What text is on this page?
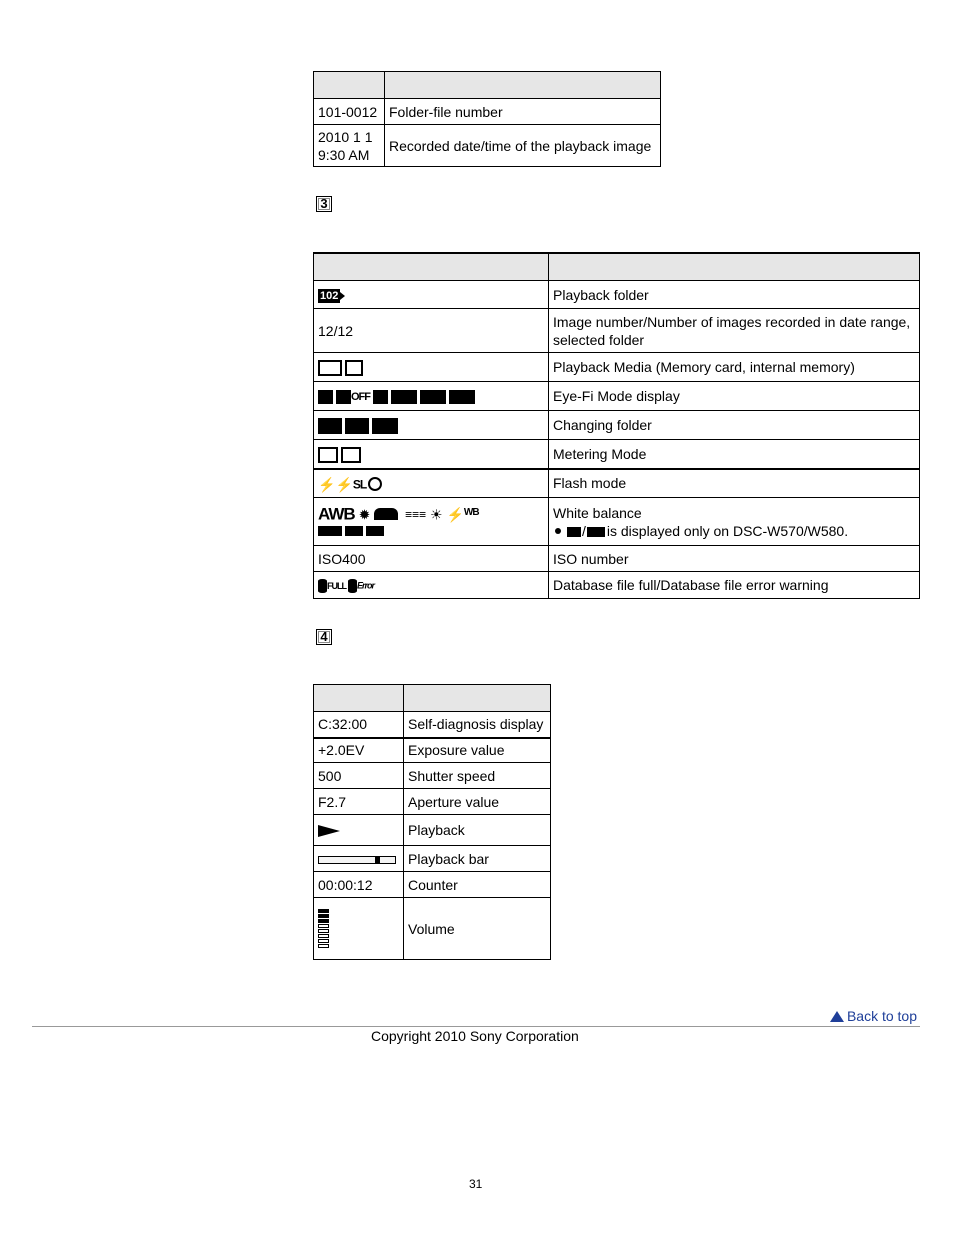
101-0012	Folder-file number
2010 1 1
9:30 AM	Recorded date/time of the playback image
3

102	Playback folder
12/12	Image number/Number of images recorded in date range, selected folder
	Playback Media (Memory card, internal memory)
OFF	Eye-Fi Mode display
	Changing folder
	Metering Mode
⚡⚡SL	Flash mode
AWB ✹ ≡≡≡ ☀ ⚡$^{WB}$	White balance
/ is displayed only on DSC-W570/W580.
ISO400	ISO number
FULL Error	Database file full/Database file error warning
4

C:32:00	Self-diagnosis display
+2.0EV	Exposure value
500	Shutter speed
F2.7	Aperture value
	Playback
	Playback bar
00:00:12	Counter

	Volume
Back to top
Copyright 2010 Sony Corporation
31
